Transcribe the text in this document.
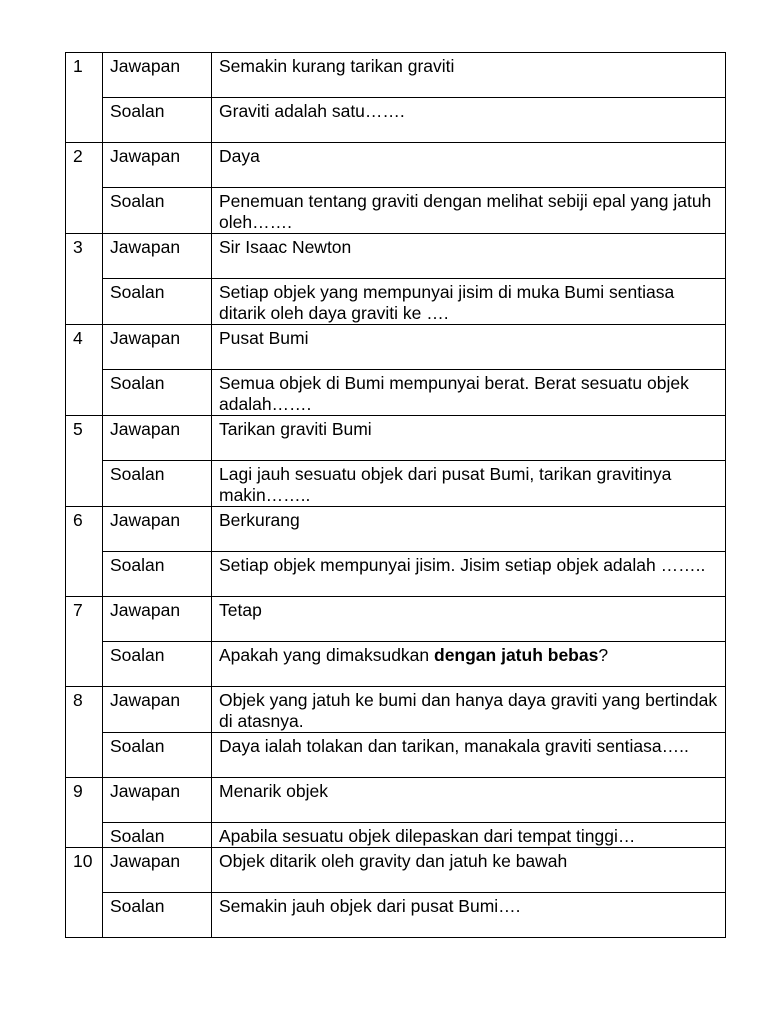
1	Jawapan	Semakin kurang tarikan graviti
	Soalan	Graviti adalah satu…….
2	Jawapan	Daya
	Soalan	Penemuan tentang graviti dengan melihat sebiji epal yang jatuh oleh…….
3	Jawapan	Sir Isaac Newton
	Soalan	Setiap objek yang mempunyai jisim di muka Bumi sentiasa ditarik oleh daya graviti ke ….
4	Jawapan	Pusat Bumi
	Soalan	Semua objek di Bumi mempunyai berat. Berat sesuatu objek adalah…….
5	Jawapan	Tarikan graviti Bumi
	Soalan	Lagi jauh sesuatu objek dari pusat Bumi, tarikan gravitinya makin……..
6	Jawapan	Berkurang
	Soalan	Setiap objek mempunyai jisim. Jisim setiap objek adalah ……..
7	Jawapan	Tetap
	Soalan	Apakah yang dimaksudkan dengan jatuh bebas?
8	Jawapan	Objek yang jatuh ke bumi dan hanya daya graviti yang bertindak di atasnya.
	Soalan	Daya ialah tolakan dan tarikan, manakala graviti sentiasa…..
9	Jawapan	Menarik objek
	Soalan	Apabila sesuatu objek dilepaskan dari tempat tinggi…
10	Jawapan	Objek ditarik oleh gravity dan jatuh ke bawah
	Soalan	Semakin jauh objek dari pusat Bumi….
